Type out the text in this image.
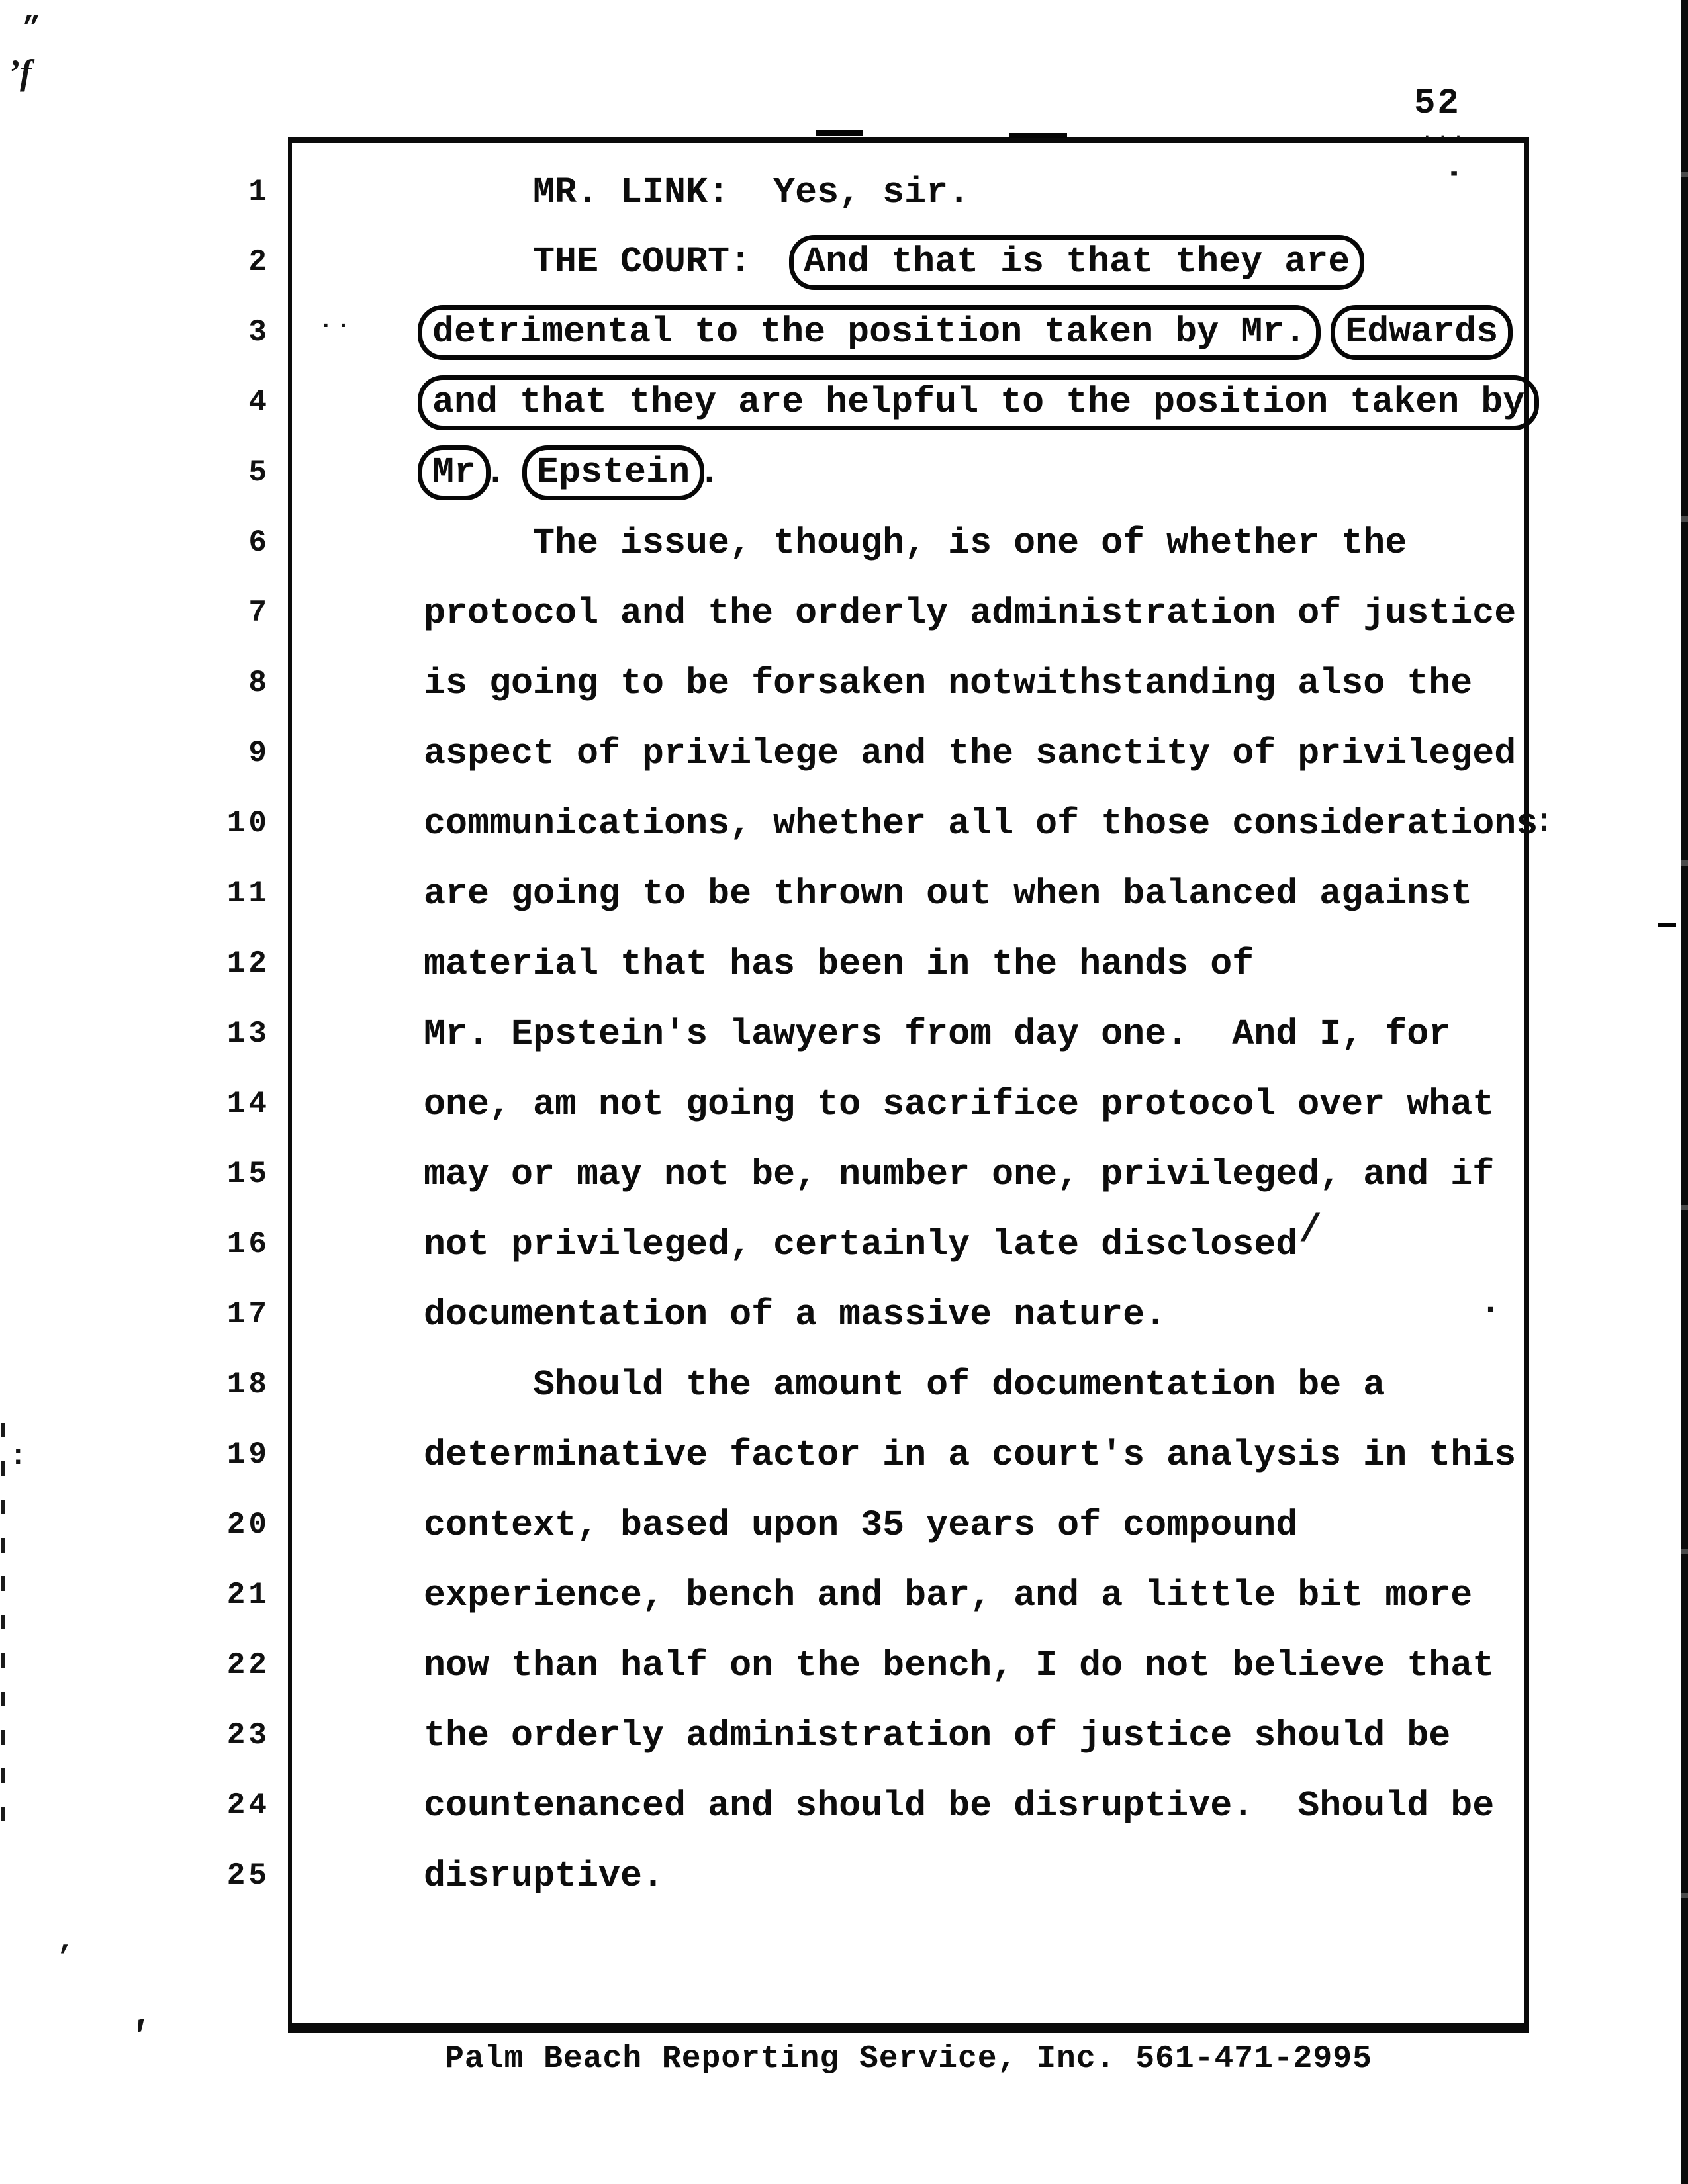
52
1	MR. LINK:  Yes, sir.
2	THE COURT:  And that is that they are
3	detrimental to the position taken by Mr. Edwards
4	and that they are helpful to the position taken by
5	Mr . Epstein .
6	The issue, though, is one of whether the
7	protocol and the orderly administration of justice
8	is going to be forsaken notwithstanding also the
9	aspect of privilege and the sanctity of privileged
10	communications, whether all of those considerations
11	are going to be thrown out when balanced against
12	material that has been in the hands of
13	Mr. Epstein's lawyers from day one.  And I, for
14	one, am not going to sacrifice protocol over what
15	may or may not be, number one, privileged, and if
16	not privileged, certainly late disclosed
17	documentation of a massive nature.
18	Should the amount of documentation be a
19	determinative factor in a court's analysis in this
20	context, based upon 35 years of compound
21	experience, bench and bar, and a little bit more
22	now than half on the bench, I do not believe that
23	the orderly administration of justice should be
24	countenanced and should be disruptive.  Should be
25	disruptive.
Palm Beach Reporting Service, Inc. 561-471-2995
”
’f
˙
:
/
·
,
··
’
···
:
